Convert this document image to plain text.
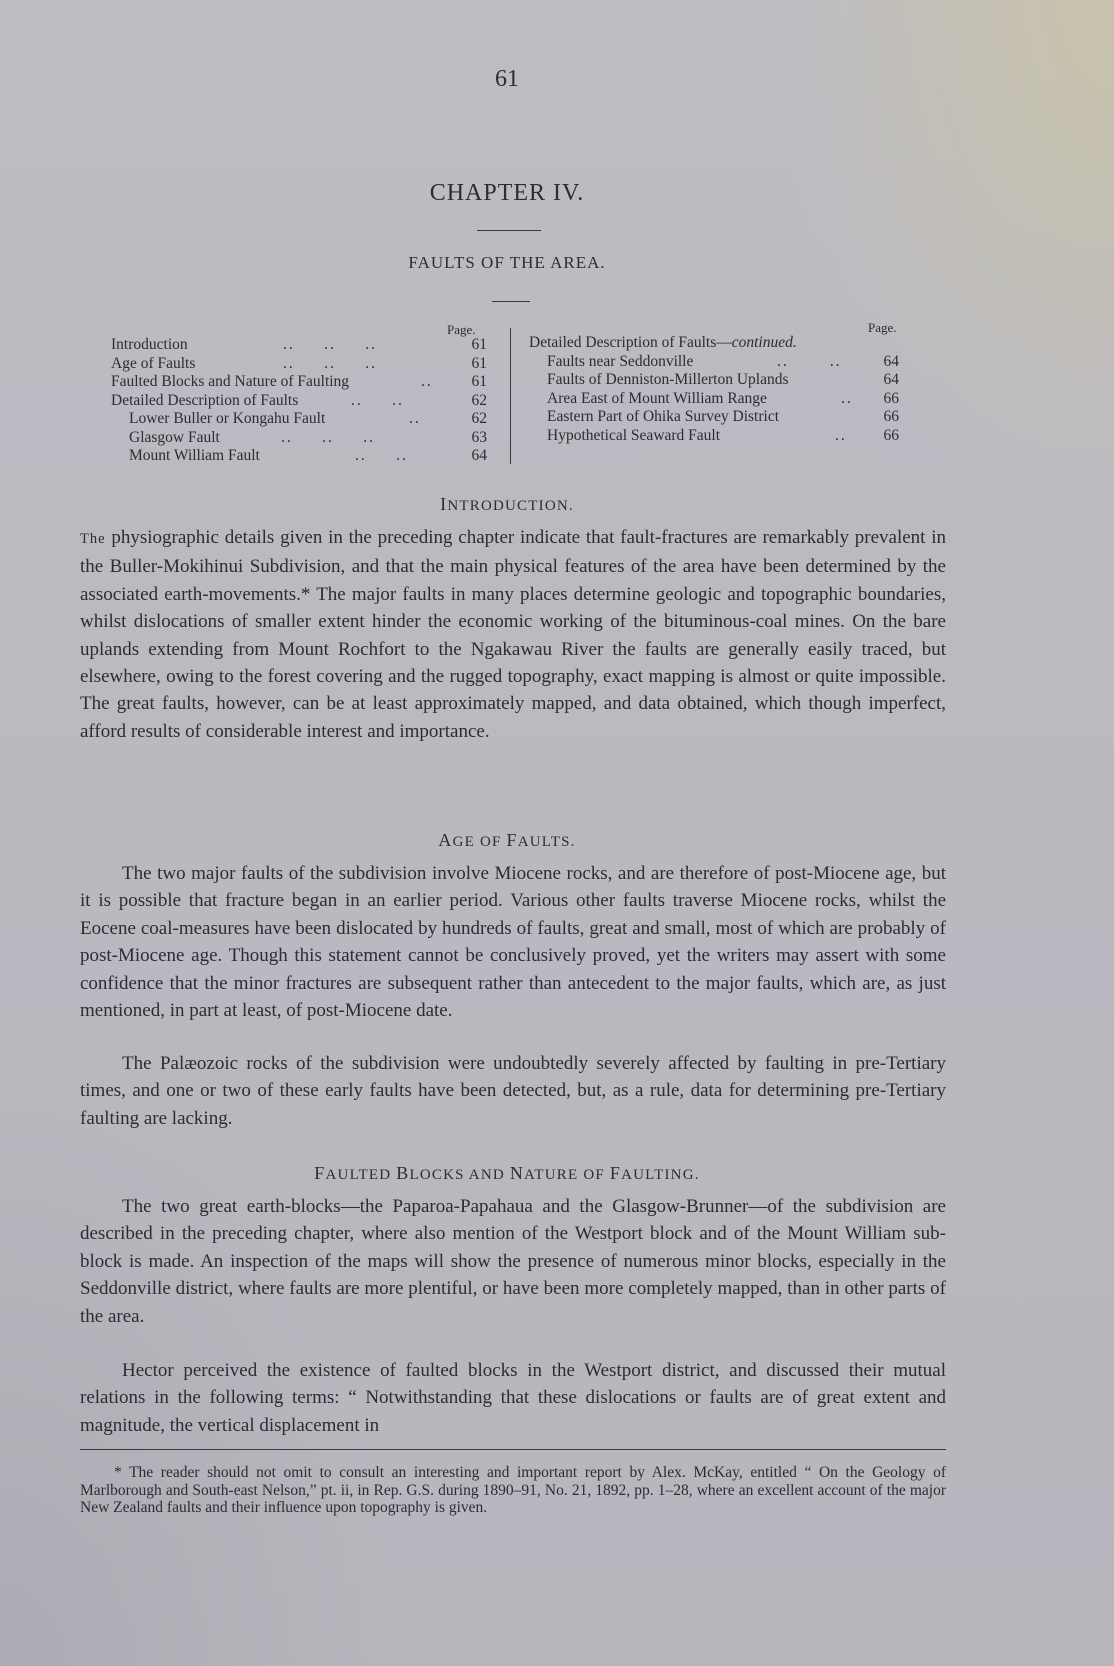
61
CHAPTER IV.
FAULTS OF THE AREA.
Page.
Introduction	..     ..     ..	61
Age of Faults	..     ..     ..	61
Faulted Blocks and Nature of Faulting	..	61
Detailed Description of Faults	..     ..	62
Lower Buller or Kongahu Fault	..	62
Glasgow Fault	..     ..     ..	63
Mount William Fault	..     ..	64
Page.
Detailed Description of Faults—continued.
Faults near Seddonville	..       ..	64
Faults of Denniston-Millerton Uplands	64
Area East of Mount William Range	.. 66
Eastern Part of Ohika Survey District	66
Hypothetical Seaward Fault	.. 66
INTRODUCTION.
The physiographic details given in the preceding chapter indicate that fault-fractures are remarkably prevalent in the Buller-Mokihinui Subdivision, and that the main physical features of the area have been determined by the associated earth-movements.* The major faults in many places determine geologic and topographic boundaries, whilst dislocations of smaller extent hinder the economic working of the bituminous-coal mines. On the bare uplands extending from Mount Rochfort to the Ngakawau River the faults are generally easily traced, but elsewhere, owing to the forest covering and the rugged topography, exact mapping is almost or quite impossible. The great faults, however, can be at least approximately mapped, and data obtained, which though imperfect, afford results of considerable interest and importance.
AGE OF FAULTS.
The two major faults of the subdivision involve Miocene rocks, and are therefore of post-Miocene age, but it is possible that fracture began in an earlier period. Various other faults traverse Miocene rocks, whilst the Eocene coal-measures have been dislocated by hundreds of faults, great and small, most of which are probably of post-Miocene age. Though this statement cannot be conclusively proved, yet the writers may assert with some confidence that the minor fractures are subsequent rather than antecedent to the major faults, which are, as just mentioned, in part at least, of post-Miocene date.
The Palæozoic rocks of the subdivision were undoubtedly severely affected by faulting in pre-Tertiary times, and one or two of these early faults have been detected, but, as a rule, data for determining pre-Tertiary faulting are lacking.
FAULTED BLOCKS AND NATURE OF FAULTING.
The two great earth-blocks—the Paparoa-Papahaua and the Glasgow-Brunner—of the subdivision are described in the preceding chapter, where also mention of the Westport block and of the Mount William sub-block is made. An inspection of the maps will show the presence of numerous minor blocks, especially in the Seddonville district, where faults are more plentiful, or have been more completely mapped, than in other parts of the area.
Hector perceived the existence of faulted blocks in the Westport district, and discussed their mutual relations in the following terms: “ Notwithstanding that these dislocations or faults are of great extent and magnitude, the vertical displacement in
* The reader should not omit to consult an interesting and important report by Alex. McKay, entitled “ On the Geology of Marlborough and South-east Nelson,” pt. ii, in Rep. G.S. during 1890–91, No. 21, 1892, pp. 1–28, where an excellent account of the major New Zealand faults and their influence upon topography is given.
